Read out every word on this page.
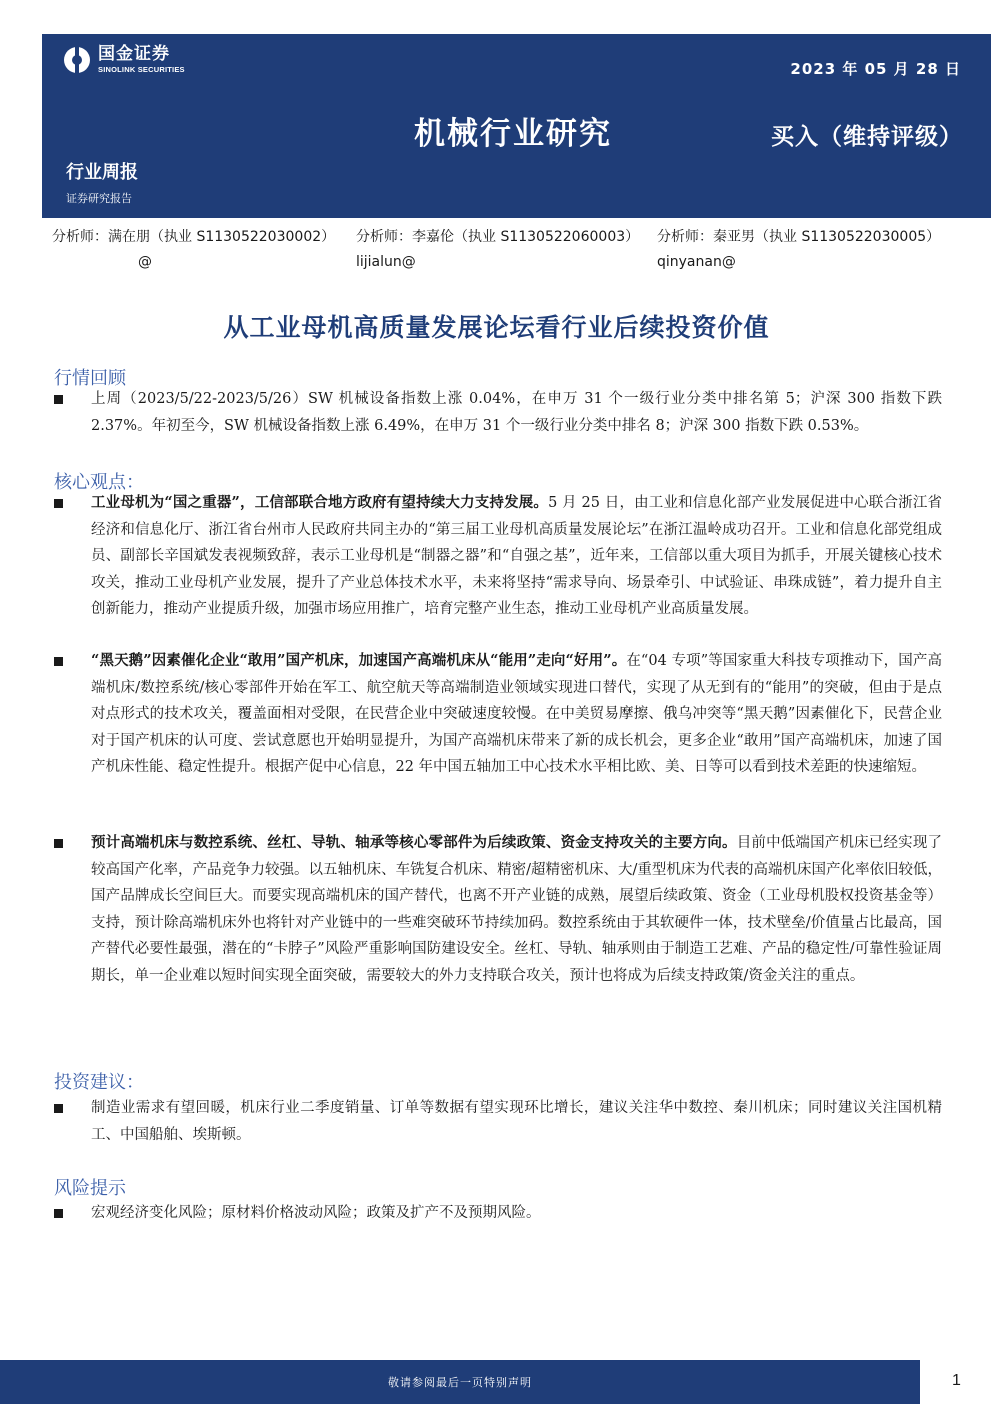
国金证券
SINOLINK SECURITIES	2023 年 05 月 28 日
机械行业研究	买入（维持评级）
行业周报
证券研究报告
分析师：满在朋（执业 S1130522030002）
@
分析师：李嘉伦（执业 S1130522060003）
lijialun@
分析师：秦亚男（执业 S1130522030005）
qinyanan@
从工业母机高质量发展论坛看行业后续投资价值
行情回顾
上周（2023/5/22-2023/5/26）SW 机械设备指数上涨 0.04%，在申万 31 个一级行业分类中排名第 5；沪深 300 指数下跌 2.37%。年初至今，SW 机械设备指数上涨 6.49%，在申万 31 个一级行业分类中排名 8；沪深 300 指数下跌 0.53%。
核心观点：
工业母机为“国之重器”，工信部联合地方政府有望持续大力支持发展。5 月 25 日，由工业和信息化部产业发展促进中心联合浙江省经济和信息化厅、浙江省台州市人民政府共同主办的“第三届工业母机高质量发展论坛”在浙江温岭成功召开。工业和信息化部党组成员、副部长辛国斌发表视频致辞，表示工业母机是“制器之器”和“自强之基”，近年来，工信部以重大项目为抓手，开展关键核心技术攻关，推动工业母机产业发展，提升了产业总体技术水平，未来将坚持“需求导向、场景牵引、中试验证、串珠成链”，着力提升自主创新能力，推动产业提质升级，加强市场应用推广，培育完整产业生态，推动工业母机产业高质量发展。
“黑天鹅”因素催化企业“敢用”国产机床，加速国产高端机床从“能用”走向“好用”。在“04 专项”等国家重大科技专项推动下，国产高端机床/数控系统/核心零部件开始在军工、航空航天等高端制造业领域实现进口替代，实现了从无到有的“能用”的突破，但由于是点对点形式的技术攻关，覆盖面相对受限，在民营企业中突破速度较慢。在中美贸易摩擦、俄乌冲突等“黑天鹅”因素催化下，民营企业对于国产机床的认可度、尝试意愿也开始明显提升，为国产高端机床带来了新的成长机会，更多企业“敢用”国产高端机床，加速了国产机床性能、稳定性提升。根据产促中心信息，22 年中国五轴加工中心技术水平相比欧、美、日等可以看到技术差距的快速缩短。
预计高端机床与数控系统、丝杠、导轨、轴承等核心零部件为后续政策、资金支持攻关的主要方向。目前中低端国产机床已经实现了较高国产化率，产品竞争力较强。以五轴机床、车铣复合机床、精密/超精密机床、大/重型机床为代表的高端机床国产化率依旧较低，国产品牌成长空间巨大。而要实现高端机床的国产替代，也离不开产业链的成熟，展望后续政策、资金（工业母机股权投资基金等）支持，预计除高端机床外也将针对产业链中的一些难突破环节持续加码。数控系统由于其软硬件一体，技术壁垒/价值量占比最高，国产替代必要性最强，潜在的“卡脖子”风险严重影响国防建设安全。丝杠、导轨、轴承则由于制造工艺难、产品的稳定性/可靠性验证周期长，单一企业难以短时间实现全面突破，需要较大的外力支持联合攻关，预计也将成为后续支持政策/资金关注的重点。
投资建议：
制造业需求有望回暖，机床行业二季度销量、订单等数据有望实现环比增长，建议关注华中数控、秦川机床；同时建议关注国机精工、中国船舶、埃斯顿。
风险提示
宏观经济变化风险；原材料价格波动风险；政策及扩产不及预期风险。
敬请参阅最后一页特别声明	1
